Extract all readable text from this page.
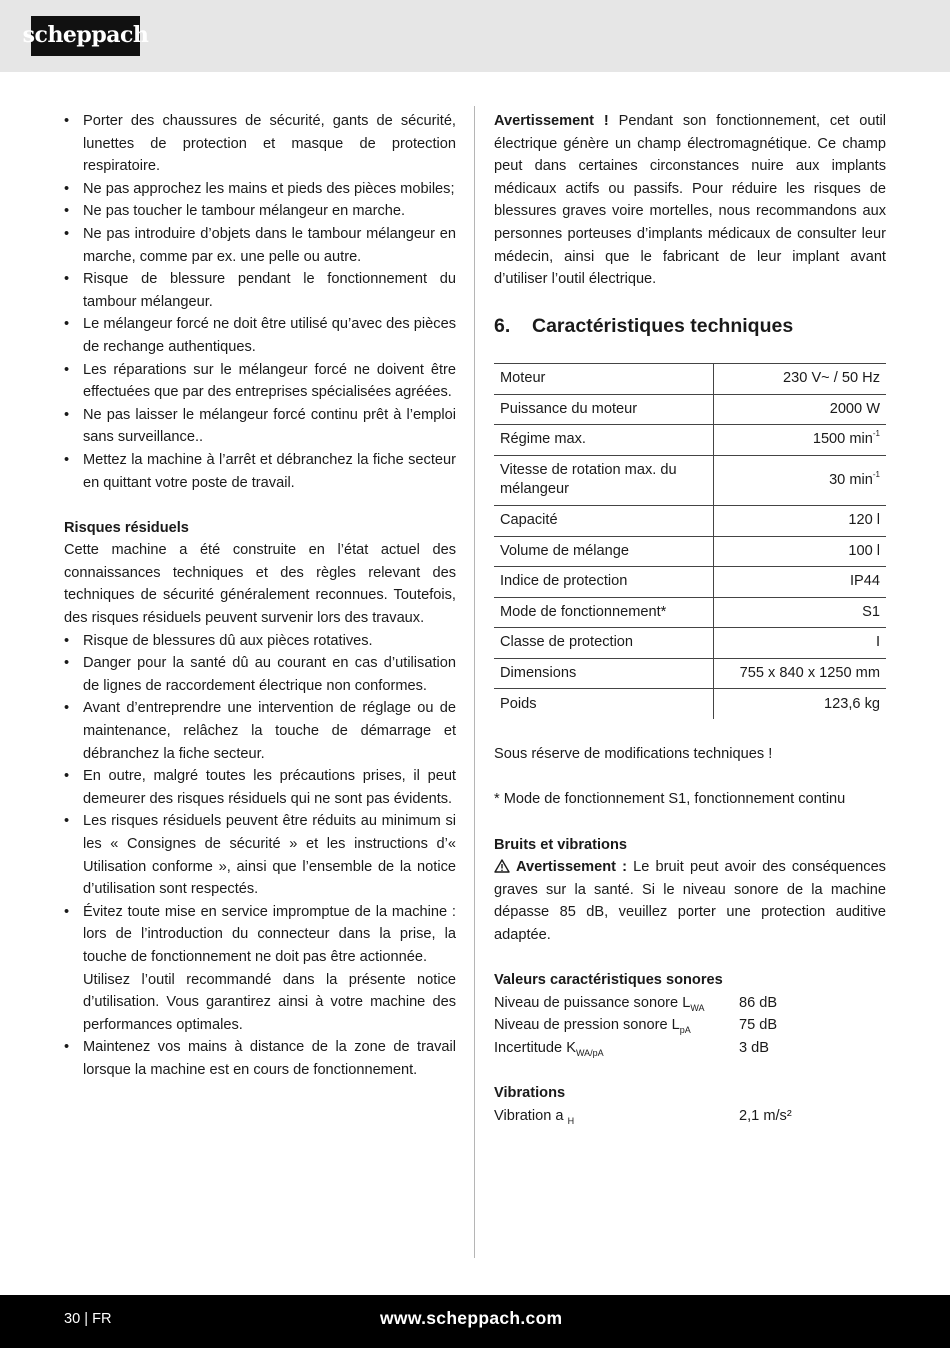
scheppach
• Porter des chaussures de sécurité, gants de sécurité, lunettes de protection et masque de protection respiratoire.
• Ne pas approchez les mains et pieds des pièces mobiles;
• Ne pas toucher le tambour mélangeur en marche.
• Ne pas introduire d’objets dans le tambour mélangeur en marche, comme par ex. une pelle ou autre.
• Risque de blessure pendant le fonctionnement du tambour mélangeur.
• Le mélangeur forcé ne doit être utilisé qu’avec des pièces de rechange authentiques.
• Les réparations sur le mélangeur forcé ne doivent être effectuées que par des entreprises spécialisées agréées.
• Ne pas laisser le mélangeur forcé continu prêt à l’emploi sans surveillance..
• Mettez la machine à l’arrêt et débranchez la fiche secteur en quittant votre poste de travail.

Risques résiduels

Cette machine a été construite en l’état actuel des connaissances techniques et des règles relevant des techniques de sécurité généralement reconnues. Toutefois, des risques résiduels peuvent survenir lors des travaux.

• Risque de blessures dû aux pièces rotatives.
• Danger pour la santé dû au courant en cas d’utilisation de lignes de raccordement électrique non conformes.
• Avant d’entreprendre une intervention de réglage ou de maintenance, relâchez la touche de démarrage et débranchez la fiche secteur.
• En outre, malgré toutes les précautions prises, il peut demeurer des risques résiduels qui ne sont pas évidents.
• Les risques résiduels peuvent être réduits au minimum si les « Consignes de sécurité » et les instructions d’« Utilisation conforme », ainsi que l’ensemble de la notice d’utilisation sont respectés.
• Évitez toute mise en service impromptue de la machine : lors de l’introduction du connecteur dans la prise, la touche de fonctionnement ne doit pas être actionnée.
Utilisez l’outil recommandé dans la présente notice d’utilisation. Vous garantirez ainsi à votre machine des performances optimales.
• Maintenez vos mains à distance de la zone de travail lorsque la machine est en cours de fonctionnement.

Avertissement ! Pendant son fonctionnement, cet outil électrique génère un champ électromagnétique. Ce champ peut dans certaines circonstances nuire aux implants médicaux actifs ou passifs. Pour réduire les risques de blessures graves voire mortelles, nous recommandons aux personnes porteuses d’implants médicaux de consulter leur médecin, ainsi que le fabricant de leur implant avant d’utiliser l’outil électrique.

6. Caractéristiques techniques
Moteur	230 V~ / 50 Hz
Puissance du moteur	2000 W
Régime max.	1500 $\min^{-1}$
Vitesse de rotation max. du mélangeur	30 $\min^{-1}$
Capacité	120 l
Volume de mélange	100 l
Indice de protection	IP44
Mode de fonctionnement*	S1
Classe de protection	I
Dimensions	755 x 840 x 1250 mm
Poids	123,6 kg

Sous réserve de modifications techniques !

* Mode de fonctionnement S1, fonctionnement continu

Bruits et vibrations

Avertissement : Le bruit peut avoir des conséquences graves sur la santé. Si le niveau sonore de la machine dépasse 85 dB, veuillez porter une protection auditive adaptée.

Valeurs caractéristiques sonores

Niveau de puissance sonore $L_{WA}$	86 dB
Niveau de pression sonore $L_{pA}$	75 dB
Incertitude $K_{WA/pA}$	3 dB

Vibrations

Vibration a $_H$	2,1 m/s²
30 | FR	www.scheppach.com
